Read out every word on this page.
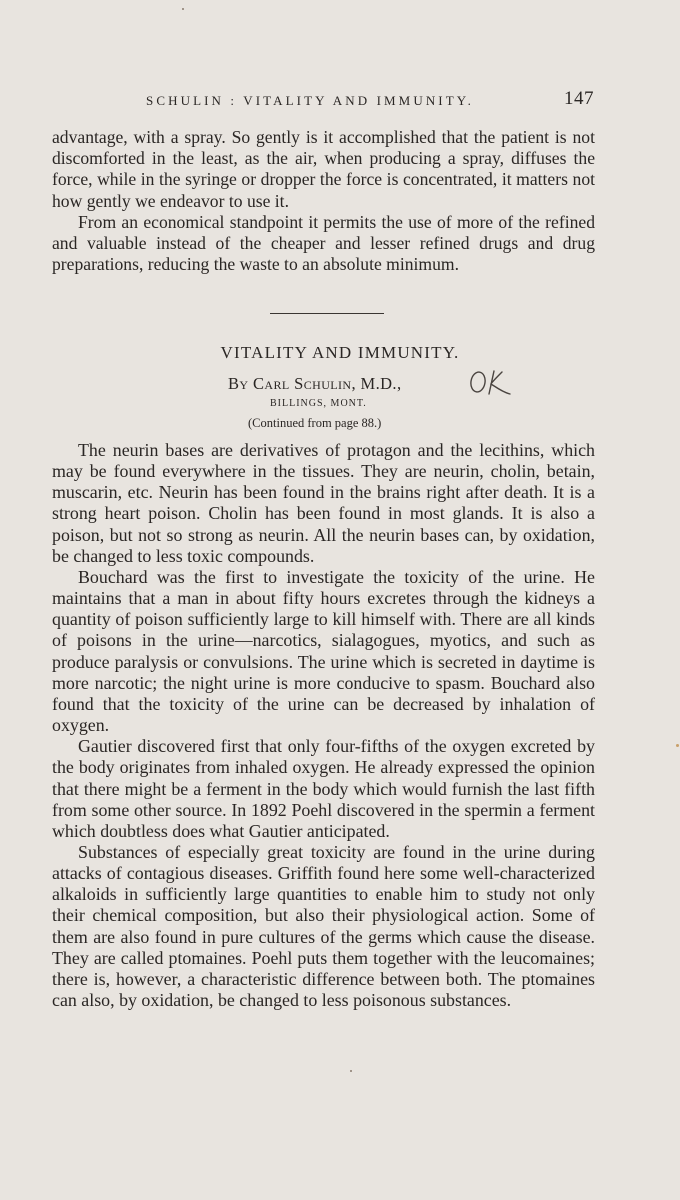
SCHULIN : VITALITY AND IMMUNITY.	147

advantage, with a spray. So gently is it accomplished that the patient is not discomforted in the least, as the air, when producing a spray, diffuses the force, while in the syringe or dropper the force is concentrated, it matters not how gently we endeavor to use it.

From an economical standpoint it permits the use of more of the refined and valuable instead of the cheaper and lesser refined drugs and drug preparations, reducing the waste to an absolute minimum.

VITALITY AND IMMUNITY.
By Carl Schulin, M.D.,
BILLINGS, MONT.
(Continued from page 88.)

The neurin bases are derivatives of protagon and the lecithins, which may be found everywhere in the tissues. They are neurin, cholin, betain, muscarin, etc. Neurin has been found in the brains right after death. It is a strong heart poison. Cholin has been found in most glands. It is also a poison, but not so strong as neurin. All the neurin bases can, by oxidation, be changed to less toxic compounds.

Bouchard was the first to investigate the toxicity of the urine. He maintains that a man in about fifty hours excretes through the kidneys a quantity of poison sufficiently large to kill himself with. There are all kinds of poisons in the urine—narcotics, sialagogues, myotics, and such as produce paralysis or convulsions. The urine which is secreted in daytime is more narcotic; the night urine is more conducive to spasm. Bouchard also found that the toxicity of the urine can be decreased by inhalation of oxygen.

Gautier discovered first that only four-fifths of the oxygen excreted by the body originates from inhaled oxygen. He already expressed the opinion that there might be a ferment in the body which would furnish the last fifth from some other source. In 1892 Poehl discovered in the spermin a ferment which doubtless does what Gautier anticipated.

Substances of especially great toxicity are found in the urine during attacks of contagious diseases. Griffith found here some well-characterized alkaloids in sufficiently large quantities to enable him to study not only their chemical composition, but also their physiological action. Some of them are also found in pure cultures of the germs which cause the disease. They are called ptomaines. Poehl puts them together with the leucomaines; there is, however, a characteristic difference between both. The ptomaines can also, by oxidation, be changed to less poisonous substances.
